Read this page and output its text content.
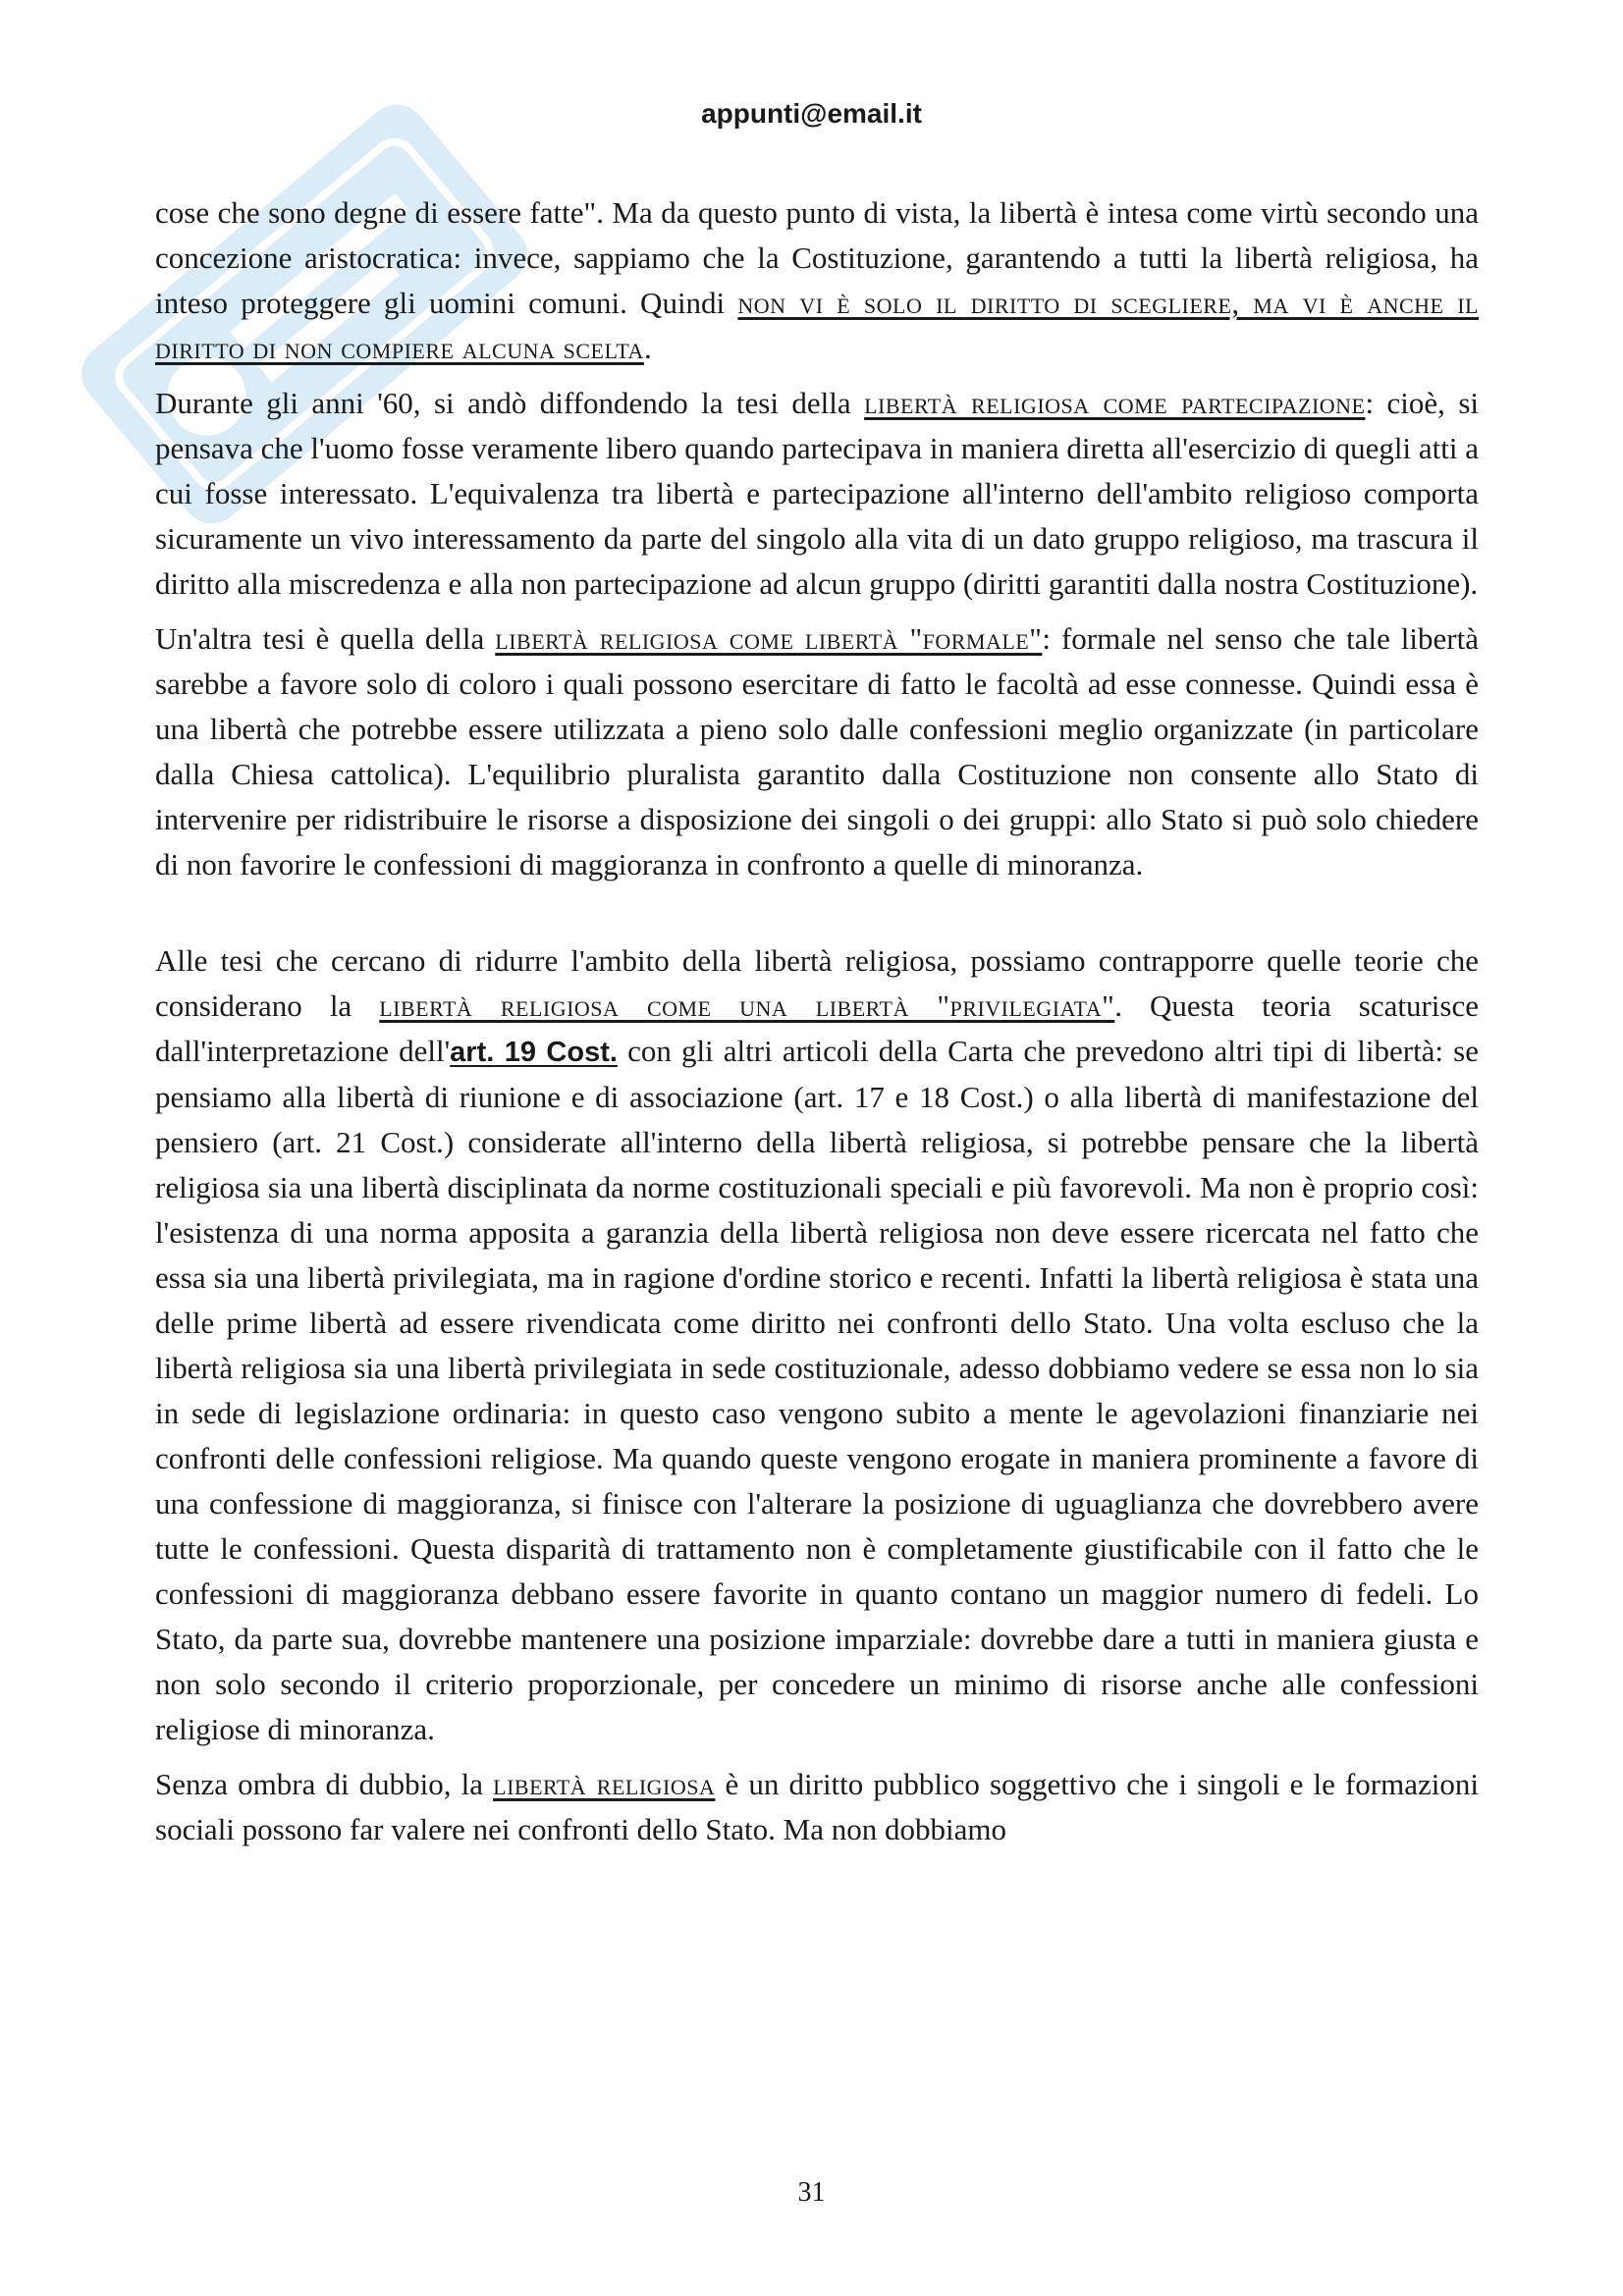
appunti@email.it

cose che sono degne di essere fatte". Ma da questo punto di vista, la libertà è intesa come virtù secondo una concezione aristocratica: invece, sappiamo che la Costituzione, garantendo a tutti la libertà religiosa, ha inteso proteggere gli uomini comuni. Quindi non vi è solo il diritto di scegliere, ma vi è anche il diritto di non compiere alcuna scelta.

Durante gli anni '60, si andò diffondendo la tesi della libertà religiosa come partecipazione: cioè, si pensava che l'uomo fosse veramente libero quando partecipava in maniera diretta all'esercizio di quegli atti a cui fosse interessato. L'equivalenza tra libertà e partecipazione all'interno dell'ambito religioso comporta sicuramente un vivo interessamento da parte del singolo alla vita di un dato gruppo religioso, ma trascura il diritto alla miscredenza e alla non partecipazione ad alcun gruppo (diritti garantiti dalla nostra Costituzione).

Un'altra tesi è quella della libertà religiosa come libertà "formale": formale nel senso che tale libertà sarebbe a favore solo di coloro i quali possono esercitare di fatto le facoltà ad esse connesse. Quindi essa è una libertà che potrebbe essere utilizzata a pieno solo dalle confessioni meglio organizzate (in particolare dalla Chiesa cattolica). L'equilibrio pluralista garantito dalla Costituzione non consente allo Stato di intervenire per ridistribuire le risorse a disposizione dei singoli o dei gruppi: allo Stato si può solo chiedere di non favorire le confessioni di maggioranza in confronto a quelle di minoranza.

Alle tesi che cercano di ridurre l'ambito della libertà religiosa, possiamo contrapporre quelle teorie che considerano la libertà religiosa come una libertà "privilegiata". Questa teoria scaturisce dall'interpretazione dell'art. 19 Cost. con gli altri articoli della Carta che prevedono altri tipi di libertà: se pensiamo alla libertà di riunione e di associazione (art. 17 e 18 Cost.) o alla libertà di manifestazione del pensiero (art. 21 Cost.) considerate all'interno della libertà religiosa, si potrebbe pensare che la libertà religiosa sia una libertà disciplinata da norme costituzionali speciali e più favorevoli. Ma non è proprio così: l'esistenza di una norma apposita a garanzia della libertà religiosa non deve essere ricercata nel fatto che essa sia una libertà privilegiata, ma in ragione d'ordine storico e recenti. Infatti la libertà religiosa è stata una delle prime libertà ad essere rivendicata come diritto nei confronti dello Stato. Una volta escluso che la libertà religiosa sia una libertà privilegiata in sede costituzionale, adesso dobbiamo vedere se essa non lo sia in sede di legislazione ordinaria: in questo caso vengono subito a mente le agevolazioni finanziarie nei confronti delle confessioni religiose. Ma quando queste vengono erogate in maniera prominente a favore di una confessione di maggioranza, si finisce con l'alterare la posizione di uguaglianza che dovrebbero avere tutte le confessioni. Questa disparità di trattamento non è completamente giustificabile con il fatto che le confessioni di maggioranza debbano essere favorite in quanto contano un maggior numero di fedeli. Lo Stato, da parte sua, dovrebbe mantenere una posizione imparziale: dovrebbe dare a tutti in maniera giusta e non solo secondo il criterio proporzionale, per concedere un minimo di risorse anche alle confessioni religiose di minoranza.

Senza ombra di dubbio, la libertà religiosa è un diritto pubblico soggettivo che i singoli e le formazioni sociali possono far valere nei confronti dello Stato. Ma non dobbiamo

31
